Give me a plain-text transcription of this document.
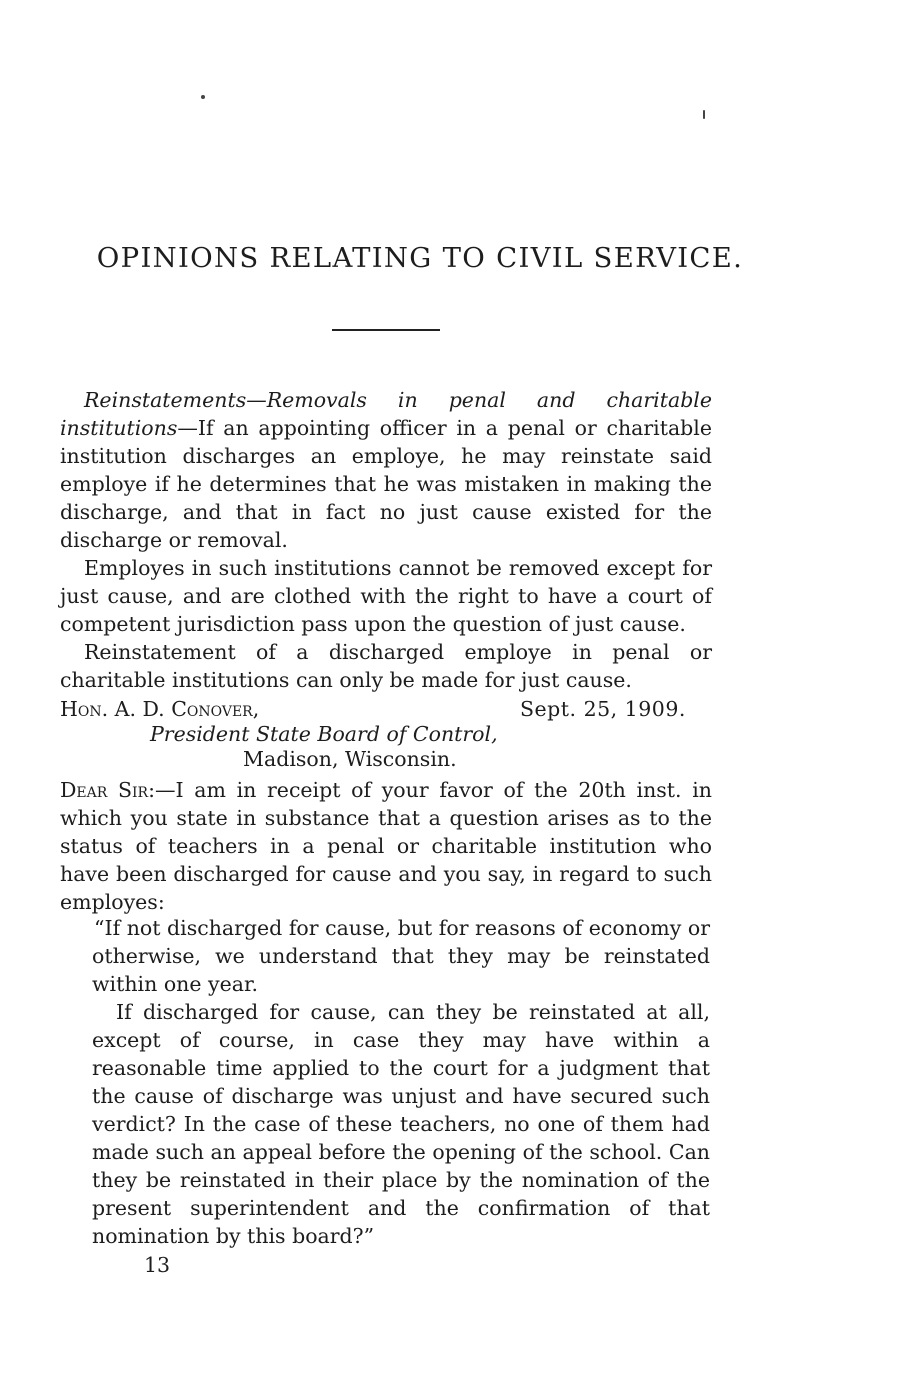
OPINIONS RELATING TO CIVIL SERVICE.

Reinstatements—Removals in penal and charitable institutions—If an appointing officer in a penal or charitable institution discharges an employe, he may reinstate said employe if he determines that he was mistaken in making the discharge, and that in fact no just cause existed for the discharge or removal.

Employes in such institutions cannot be removed except for just cause, and are clothed with the right to have a court of competent jurisdiction pass upon the question of just cause.

Reinstatement of a discharged employe in penal or charitable institutions can only be made for just cause.

Hon. A. D. Conover,	Sept. 25, 1909.
President State Board of Control,
Madison, Wisconsin.

Dear Sir:—I am in receipt of your favor of the 20th inst. in which you state in substance that a question arises as to the status of teachers in a penal or charitable institution who have been discharged for cause and you say, in regard to such employes:

“If not discharged for cause, but for reasons of economy or otherwise, we understand that they may be reinstated within one year.

If discharged for cause, can they be reinstated at all, except of course, in case they may have within a reasonable time applied to the court for a judgment that the cause of discharge was unjust and have secured such verdict? In the case of these teachers, no one of them had made such an appeal before the opening of the school. Can they be reinstated in their place by the nomination of the present superintendent and the confirmation of that nomination by this board?”

13
